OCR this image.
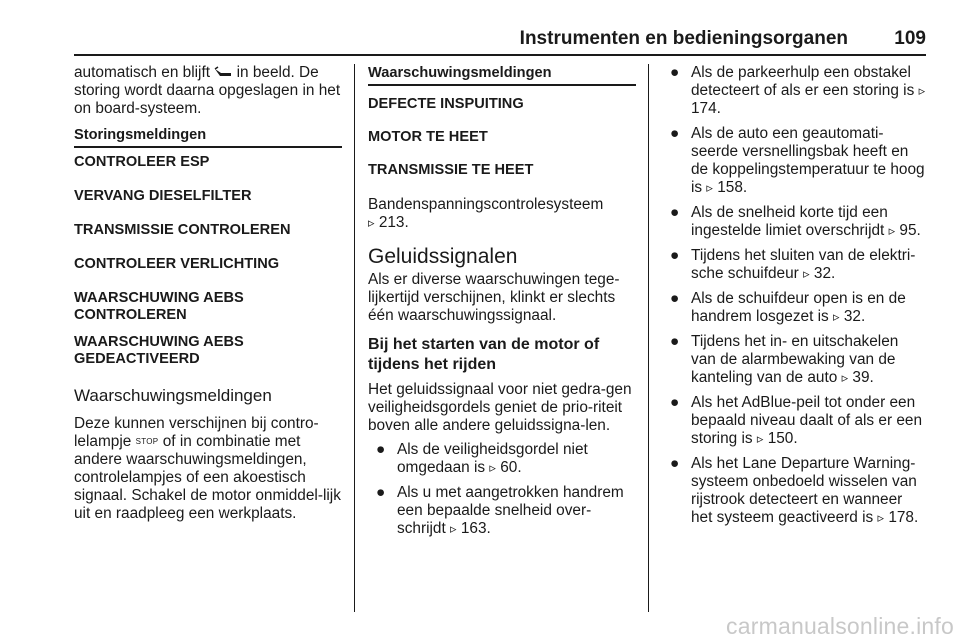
Instrumenten en bedieningsorganen 109

automatisch en blijft in beeld. De storing wordt daarna opgeslagen in het on board-systeem.

Storingsmeldingen

CONTROLEER ESP

VERVANG DIESELFILTER

TRANSMISSIE CONTROLEREN

CONTROLEER VERLICHTING

WAARSCHUWING AEBS CONTROLEREN

WAARSCHUWING AEBS GEDEACTIVEERD

Waarschuwingsmeldingen

Deze kunnen verschijnen bij contro-lelampje STOP of in combinatie met andere waarschuwingsmeldingen, controlelampjes of een akoestisch signaal. Schakel de motor onmiddel-lijk uit en raadpleeg een werkplaats.

Waarschuwingsmeldingen

DEFECTE INSPUITING

MOTOR TE HEET

TRANSMISSIE TE HEET

Bandenspanningscontrolesysteem
▹ 213.

Geluidssignalen

Als er diverse waarschuwingen tege-lijkertijd verschijnen, klinkt er slechts één waarschuwingssignaal.

Bij het starten van de motor of tijdens het rijden

Het geluidssignaal voor niet gedra-gen veiligheidsgordels geniet de prio-riteit boven alle andere geluidssigna-len.

● Als de veiligheidsgordel niet omgedaan is ▹ 60.
● Als u met aangetrokken handrem een bepaalde snelheid over-schrijdt ▹ 163.
● Als de parkeerhulp een obstakel detecteert of als er een storing is ▹ 174.
● Als de auto een geautomati-seerde versnellingsbak heeft en de koppelingstemperatuur te hoog is ▹ 158.
● Als de snelheid korte tijd een ingestelde limiet overschrijdt ▹ 95.
● Tijdens het sluiten van de elektri-sche schuifdeur ▹ 32.
● Als de schuifdeur open is en de handrem losgezet is ▹ 32.
● Tijdens het in- en uitschakelen van de alarmbewaking van de kanteling van de auto ▹ 39.
● Als het AdBlue-peil tot onder een bepaald niveau daalt of als er een storing is ▹ 150.
● Als het Lane Departure Warning-systeem onbedoeld wisselen van rijstrook detecteert en wanneer het systeem geactiveerd is ▹ 178.
carmanualsonline.info
